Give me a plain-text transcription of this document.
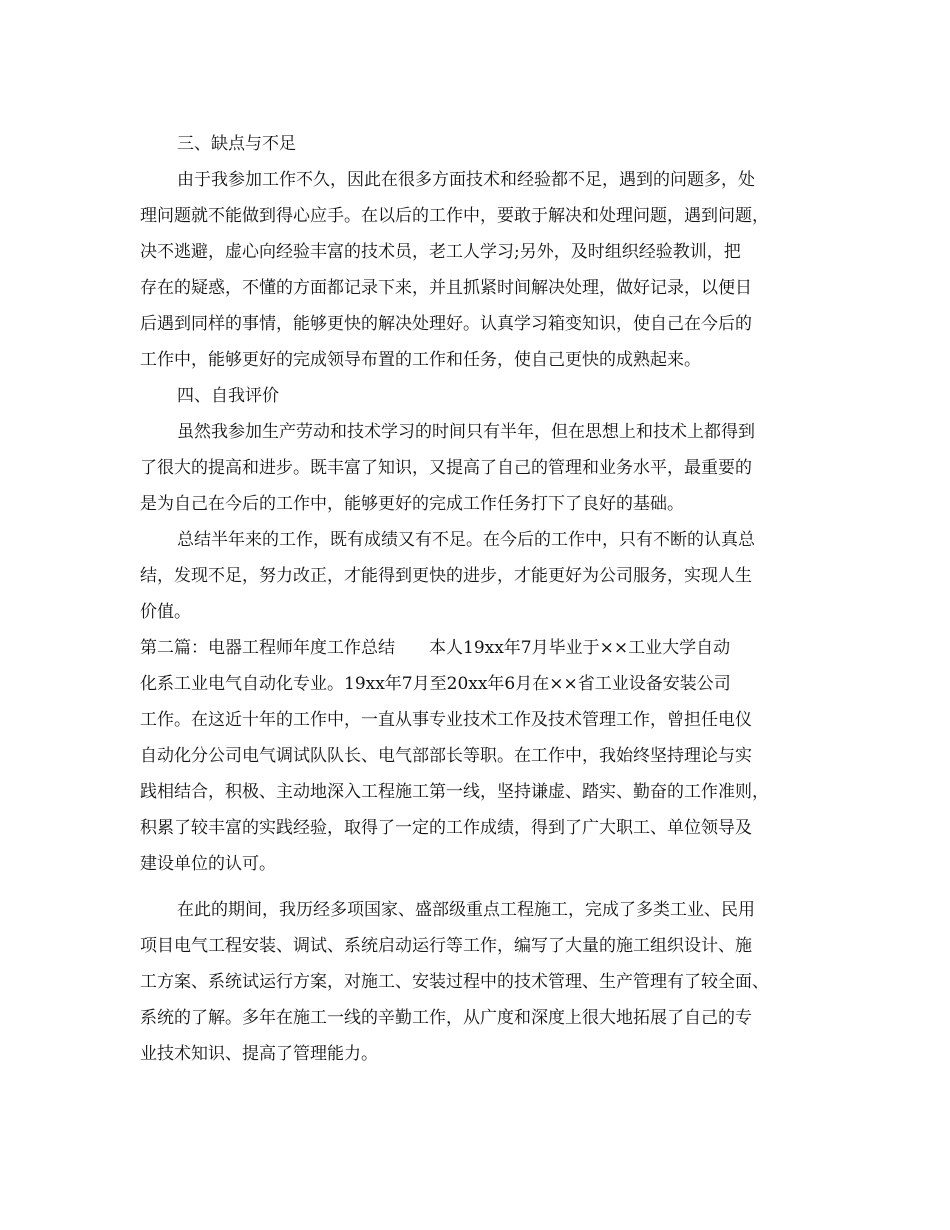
三、缺点与不足
由于我参加工作不久，因此在很多方面技术和经验都不足，遇到的问题多，处
理问题就不能做到得心应手。在以后的工作中，要敢于解决和处理问题，遇到问题，
决不逃避，虚心向经验丰富的技术员，老工人学习;另外，及时组织经验教训，把
存在的疑惑，不懂的方面都记录下来，并且抓紧时间解决处理，做好记录，以便日
后遇到同样的事情，能够更快的解决处理好。认真学习箱变知识，使自己在今后的
工作中，能够更好的完成领导布置的工作和任务，使自己更快的成熟起来。
四、自我评价
虽然我参加生产劳动和技术学习的时间只有半年，但在思想上和技术上都得到
了很大的提高和进步。既丰富了知识，又提高了自己的管理和业务水平，最重要的
是为自己在今后的工作中，能够更好的完成工作任务打下了良好的基础。
总结半年来的工作，既有成绩又有不足。在今后的工作中，只有不断的认真总
结，发现不足，努力改正，才能得到更快的进步，才能更好为公司服务，实现人生
价值。
第二篇：电器工程师年度工作总结　　本人19xx年7月毕业于××工业大学自动
化系工业电气自动化专业。19xx年7月至20xx年6月在××省工业设备安装公司
工作。在这近十年的工作中，一直从事专业技术工作及技术管理工作，曾担任电仪
自动化分公司电气调试队队长、电气部部长等职。在工作中，我始终坚持理论与实
践相结合，积极、主动地深入工程施工第一线，坚持谦虚、踏实、勤奋的工作准则，
积累了较丰富的实践经验，取得了一定的工作成绩，得到了广大职工、单位领导及
建设单位的认可。
在此的期间，我历经多项国家、盛部级重点工程施工，完成了多类工业、民用
项目电气工程安装、调试、系统启动运行等工作，编写了大量的施工组织设计、施
工方案、系统试运行方案，对施工、安装过程中的技术管理、生产管理有了较全面、
系统的了解。多年在施工一线的辛勤工作，从广度和深度上很大地拓展了自己的专
业技术知识、提高了管理能力。
